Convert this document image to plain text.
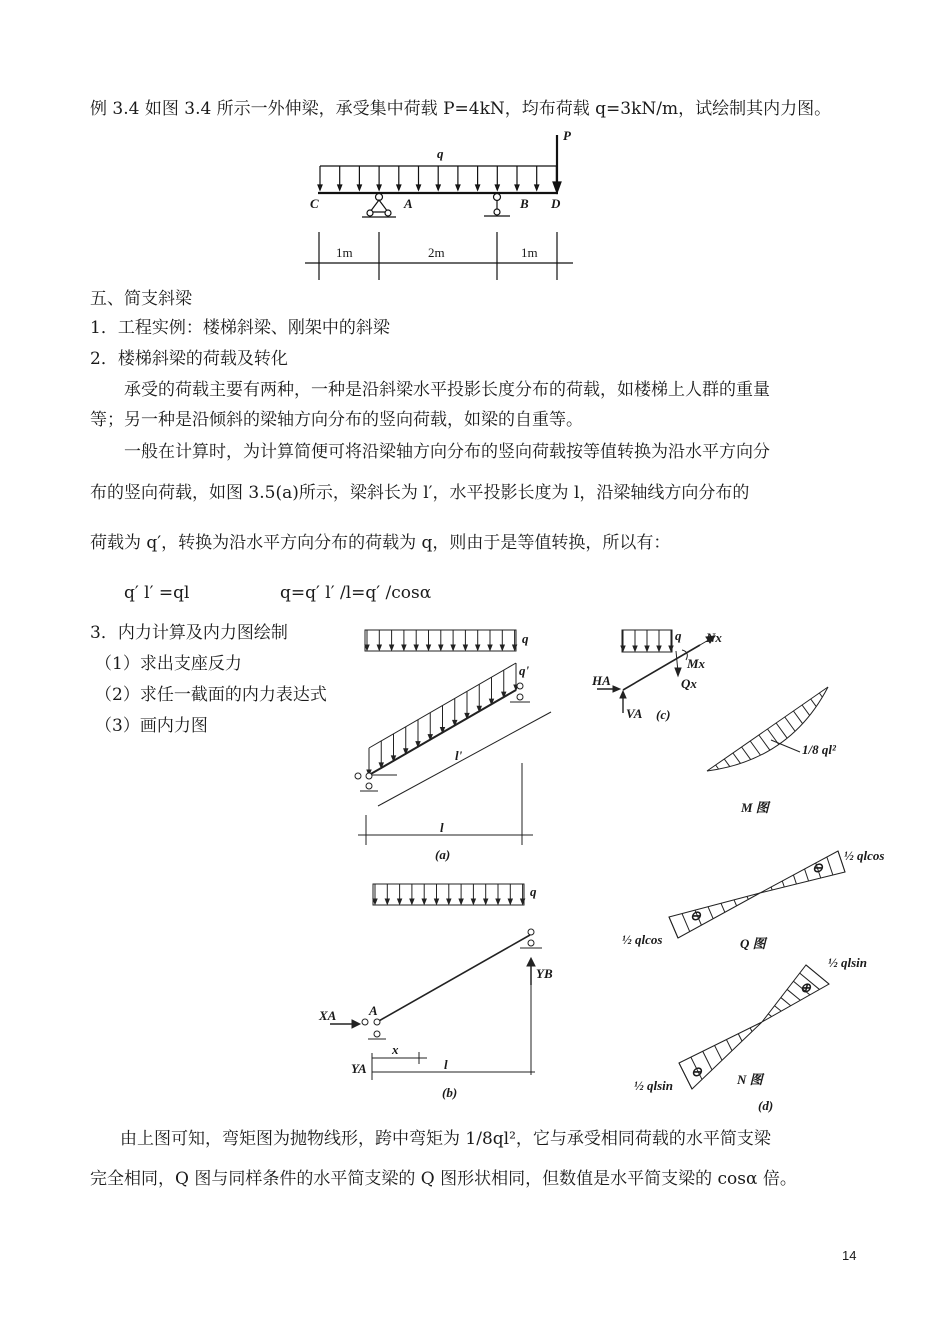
例 3.4 如图 3.4 所示一外伸梁，承受集中荷载 P=4kN，均布荷载 q=3kN/m，试绘制其内力图。
q
P
C	A	B D
1m	2m	1m
五、简支斜梁
1．工程实例：楼梯斜梁、刚架中的斜梁
2．楼梯斜梁的荷载及转化
承受的荷载主要有两种，一种是沿斜梁水平投影长度分布的荷载，如楼梯上人群的重量
等；另一种是沿倾斜的梁轴方向分布的竖向荷载，如梁的自重等。
一般在计算时，为计算简便可将沿梁轴方向分布的竖向荷载按等值转换为沿水平方向分
布的竖向荷载，如图 3.5(a)所示，梁斜长为 l′，水平投影长度为 l，沿梁轴线方向分布的
荷载为 q′，转换为沿水平方向分布的荷载为 q，则由于是等值转换，所以有：
q′ l′ =ql	q=q′ l′ /l=q′ /cosα
3．内力计算及内力图绘制
（1）求出支座反力
（2）求任一截面的内力表达式
（3）画内力图
q
q'
l'
l
(a)
q
XA	A
YB
YA
x
l
(b)
q Nx
Mx
Qx
HA
VA (c)
1/8 ql²
M 图
½ qlcos
½ qlcos	Q 图
⊖
⊖
½ qlsin
½ qlsin	N 图
⊕
⊖
(d)
由上图可知，弯矩图为抛物线形，跨中弯矩为 1/8ql²，它与承受相同荷载的水平简支梁
完全相同，Q 图与同样条件的水平简支梁的 Q 图形状相同，但数值是水平简支梁的 cosα 倍。
14
